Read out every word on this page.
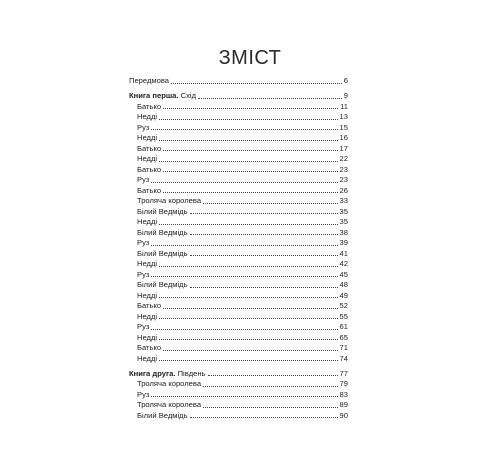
ЗМІСТ
Передмова	6
Книга перша. Схід	9
Батько	11
Недді	13
Руз	15
Недді	16
Батько	17
Недді	22
Батько	23
Руз	23
Батько	26
Троляча королева	33
Білий Ведмідь	35
Недді	35
Білий Ведмідь	38
Руз	39
Білий Ведмідь	41
Недді	42
Руз	45
Білий Ведмідь	48
Недді	49
Батько	52
Недді	55
Руз	61
Недді	65
Батько	71
Недді	74
Книга друга. Південь	77
Троляча королева	79
Руз	83
Троляча королева	89
Білий Ведмідь	90
